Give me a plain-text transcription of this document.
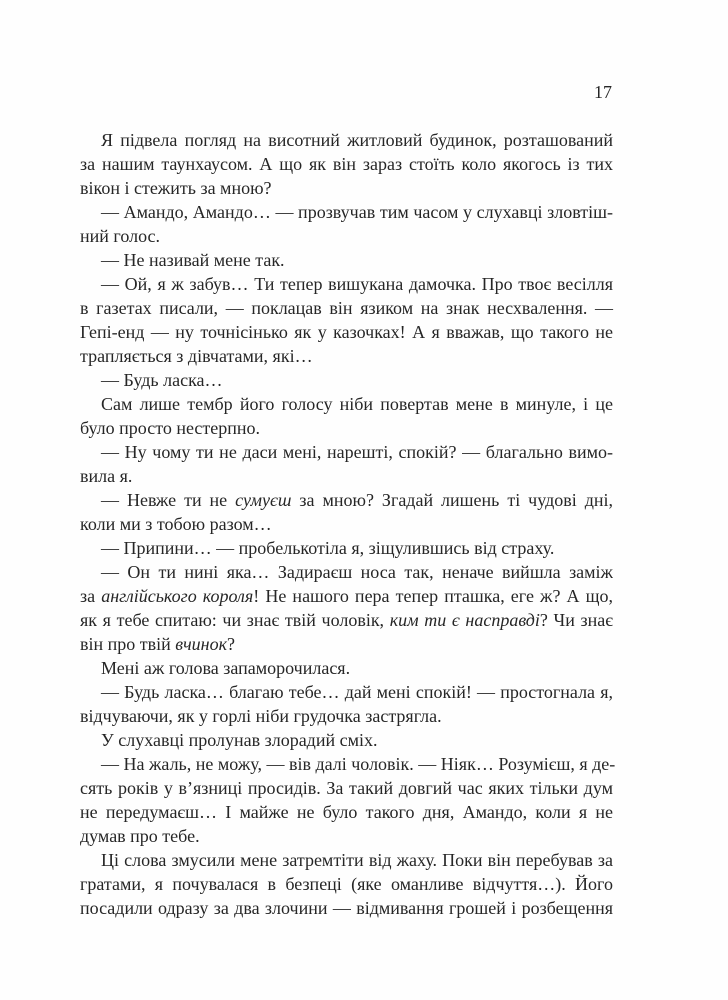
17
Я підвела погляд на висотний житловий будинок, розташований
за нашим таунхаусом. А що як він зараз стоїть коло якогось із тих
вікон і стежить за мною?
— Амандо, Амандо… — прозвучав тим часом у слухавці зловтіш-
ний голос.
— Не називай мене так.
— Ой, я ж забув… Ти тепер вишукана дамочка. Про твоє весілля
в газетах писали, — поклацав він язиком на знак несхвалення. —
Гепі-енд — ну точнісінько як у казочках! А я вважав, що такого не
трапляється з дівчатами, які…
— Будь ласка…
Сам лише тембр його голосу ніби повертав мене в минуле, і це
було просто нестерпно.
— Ну чому ти не даси мені, нарешті, спокій? — благально вимо-
вила я.
— Невже ти не сумуєш за мною? Згадай лишень ті чудові дні,
коли ми з тобою разом…
— Припини… — пробелькотіла я, зіщулившись від страху.
— Он ти нині яка… Задираєш носа так, неначе вийшла заміж
за англійського короля! Не нашого пера тепер пташка, еге ж? А що,
як я тебе спитаю: чи знає твій чоловік, ким ти є насправді? Чи знає
він про твій вчинок?
Мені аж голова запаморочилася.
— Будь ласка… благаю тебе… дай мені спокій! — простогнала я,
відчуваючи, як у горлі ніби грудочка застрягла.
У слухавці пролунав злорадий сміх.
— На жаль, не можу, — вів далі чоловік. — Ніяк… Розумієш, я де-
сять років у в’язниці просидів. За такий довгий час яких тільки дум
не передумаєш… І майже не було такого дня, Амандо, коли я не
думав про тебе.
Ці слова змусили мене затремтіти від жаху. Поки він перебував за
гратами, я почувалася в безпеці (яке оманливе відчуття…). Його
посадили одразу за два злочини — відмивання грошей і розбещення
